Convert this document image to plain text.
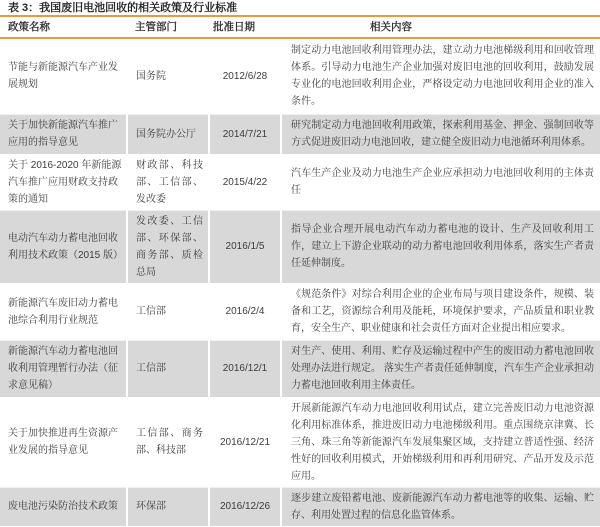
表 3：我国废旧电池回收的相关政策及行业标准
政策名称	主管部门	批准日期	相关内容
节能与新能源汽车产业发展规划	国务院	2012/6/28	制定动力电池回收利用管理办法，建立动力电池梯级利用和回收管理体系。引导动力电池生产企业加强对废旧电池的回收利用，鼓励发展专业化的电池回收利用企业，严格设定动力电池回收利用企业的准入条件。
关于加快新能源汽车推广应用的指导意见	国务院办公厅	2014/7/21	研究制定动力电池回收利用政策，探索利用基金、押金、强制回收等方式促进废旧动力电池回收，建立健全废旧动力电池循环利用体系。
关于 2016-2020 年新能源汽车推广应用财政支持政策的通知	财政部、科技部、工信部、发改委	2015/4/22	汽车生产企业及动力电池生产企业应承担动力电池回收利用的主体责任
电动汽车动力蓄电池回收利用技术政策（2015 版）	发改委、工信部、环保部、商务部、质检总局	2016/1/5	指导企业合理开展电动汽车动力蓄电池的设计、生产及回收利用工作，建立上下游企业联动的动力蓄电池回收利用体系，落实生产者责任延伸制度。
新能源汽车废旧动力蓄电池综合利用行业规范	工信部	2016/2/4	《规范条件》对综合利用企业的企业布局与项目建设条件，规模、装备和工艺，资源综合利用及能耗，环境保护要求，产品质量和职业教育，安全生产、职业健康和社会责任方面对企业提出相应要求。
新能源汽车动力蓄电池回收利用管理暂行办法（征求意见稿）	工信部	2016/12/1	对生产、使用、利用、贮存及运输过程中产生的废旧动力蓄电池回收处理办法进行规定。 落实生产者责任延伸制度，汽车生产企业承担动力蓄电池回收利用主体责任。
关于加快推进再生资源产业发展的指导意见	工信部、商务部、科技部	2016/12/21	开展新能源汽车动力电池回收利用试点，建立完善废旧动力电池资源化利用标准体系，推进废旧动力电池梯级利用。重点围绕京津冀、长三角、珠三角等新能源汽车发展集聚区域，支持建立普适性强、经济性好的回收利用模式，开始梯级利用和再利用研究、产品开发及示范应用。
废电池污染防治技术政策	环保部	2016/12/26	逐步建立废铅蓄电池、废新能源汽车动力蓄电池等的收集、运输、贮存、利用处置过程的信息化监管体系。
